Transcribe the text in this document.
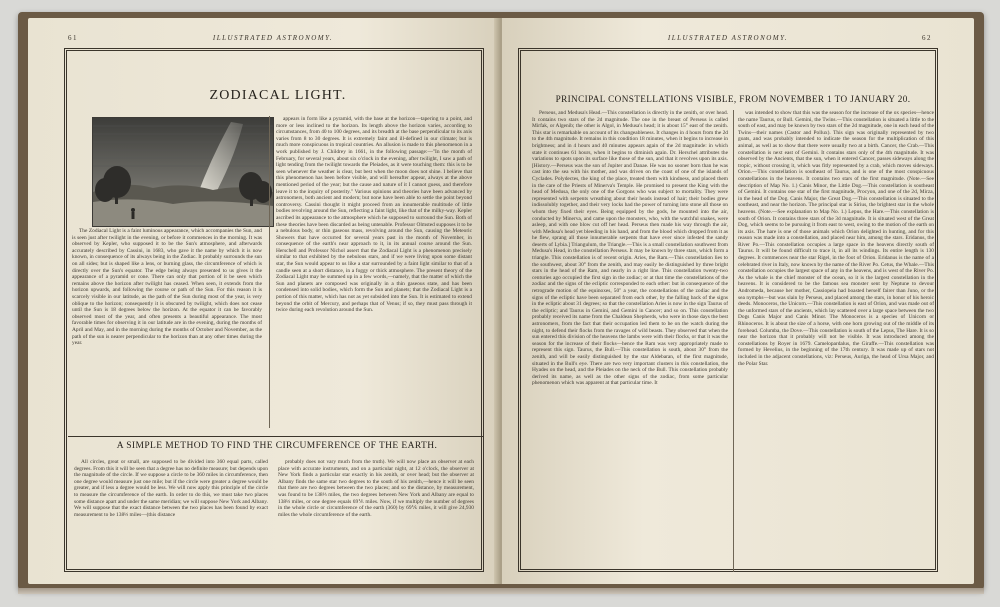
61	ILLUSTRATED ASTRONOMY.
ZODIACAL LIGHT.

The Zodiacal Light is a faint luminous appearance, which accompanies the Sun, and is seen just after twilight in the evening, or before it commences in the morning. It was observed by Kepler, who supposed it to be the Sun's atmosphere, and afterwards accurately described by Cassini, in 1683, who gave it the name by which it is now known, in consequence of its always being in the Zodiac. It probably surrounds the sun on all sides; but is shaped like a lens, or burning glass, the circumference of which is directly over the Sun's equator. The edge being always presented to us gives it the appearance of a pyramid or cone. There can only that portion of it be seen which remains above the horizon after twilight has ceased. When seen, it extends from the horizon upwards, and following the course or path of the Sun. For this reason it is scarcely visible in our latitude, as the path of the Sun during most of the year, is very oblique to the horizon; consequently it is obscured by twilight, which does not cease until the Sun is 18 degrees below the horizon. At the equator it can be favorably observed most of the year, and often presents a beautiful appearance. The most favorable times for observing it in our latitude are in the evening, during the months of April and May, and in the morning during the months of October and November, as the path of the sun is nearer perpendicular to the horizon than at any other times during the year.

appears in form like a pyramid, with the base at the horizon—tapering to a point, and more or less inclined to the horizon. Its length above the horizon varies, according to circumstances, from 40 to 100 degrees, and its breadth at the base perpendicular to its axis varies from 8 to 30 degrees. It is extremely faint and ill-defined in our climate; but is much more conspicuous in tropical countries. An allusion is made to this phenomenon in a work published by J. Childrey in 1661, in the following passage:—"In the month of February, for several years, about six o'clock in the evening, after twilight, I saw a path of light tending from the twilight towards the Pleiades, as it were touching them: this is to be seen whenever the weather is clear, but best when the moon does not shine. I believe that this phenomenon has been before visible, and will hereafter appear, always at the above mentioned period of the year; but the cause and nature of it I cannot guess, and therefore leave it to the inquiry of posterity." Various opinions and theories have been advanced by astronomers, both ancient and modern; but none have been able to settle the point beyond controversy. Cassini thought it might proceed from an innumerable multitude of little bodies revolving around the Sun, reflecting a faint light, like that of the milky-way. Kepler ascribed its appearance to the atmosphere which he supposed to surround the Sun. Both of these theories have been discarded as being untenable. Professor Olmsted supposes it to be a nebulous body, or thin gaseous mass, revolving around the Sun, causing the Meteoric Showers that have occurred for several years past in the month of November, in consequence of the earth's near approach to it, in its annual course around the Sun. Herschell and Professor Nichol assert that the Zodiacal Light is a phenomenon precisely similar to that exhibited by the nebulous stars, and if we were living upon some distant star, the Sun would appear to us like a star surrounded by a faint light similar to that of a candle seen at a short distance, in a foggy or thick atmosphere. The present theory of the Zodiacal Light may be summed up in a few words,—namely, that the matter of which the Sun and planets are composed was originally in a thin gaseous state, and has been condensed into solid bodies, which form the Sun and planets; that the Zodiacal Light is a portion of this matter, which has not as yet subsided into the Sun. It is estimated to extend beyond the orbit of Mercury, and perhaps that of Venus; if so, they must pass through it twice during each revolution around the Sun.

A SIMPLE METHOD TO FIND THE CIRCUMFERENCE OF THE EARTH.

All circles, great or small, are supposed to be divided into 360 equal parts, called degrees. From this it will be seen that a degree has no definite measure; but depends upon the magnitude of the circle. If we suppose a circle to be 360 miles in circumference, then one degree would measure just one mile; but if the circle were greater a degree would be greater, and if less a degree would be less. We will now apply this principle of the circle to measure the circumference of the earth. In order to do this, we must take two places some distance apart and under the same meridian; we will suppose New York and Albany. We will suppose that the exact distance between the two places has been found by exact measurement to be 138⅓ miles—(this distance

probably does not vary much from the truth). We will now place an observer at each place with accurate instruments, and on a particular night, at 12 o'clock, the observer at New York finds a particular star exactly in his zenith, or over head; but the observer at Albany finds the same star two degrees to the south of his zenith,—hence it will be seen that there are two degrees between the two places; and so the distance, by measurement, was found to be 138⅓ miles, the two degrees between New York and Albany are equal to 138⅓ miles, or one degree equals 69⅙ miles. Now, if we multiply the number of degrees in the whole circle or circumference of the earth (360) by 69⅙ miles, it will give 24,930 miles the whole circumference of the earth.

ILLUSTRATED ASTRONOMY.	62
PRINCIPAL CONSTELLATIONS VISIBLE, FROM NOVEMBER 1 TO JANUARY 20.

Perseus, and Medusa's Head.—This constellation is directly in the zenith, or over head. It contains two stars of the 2d magnitude. The one in the breast of Perseus is called Mirfak, or Algenib; the other is Algol, in Medusa's head; it is about 15° east of the zenith. This star is remarkable on account of its changeableness. It changes in 4 hours from the 2d to the 4th magnitude. It remains in this condition 18 minutes, when it begins to increase in brightness; and in 4 hours and 40 minutes appears again of the 2d magnitude: in which state it continues 61 hours, when it begins to diminish again. Dr. Herschel attributes the variations to spots upon its surface like those of the sun, and that it revolves upon its axis. [History.—Perseus was the son of Jupiter and Danae. He was no sooner born than he was cast into the sea with his mother, and was driven on the coast of one of the islands of Cyclades. Polydectes, the king of the place, treated them with kindness, and placed them in the care of the Priests of Minerva's Temple. He promised to present the King with the head of Medusa, the only one of the Gorgons who was subject to mortality. They were represented with serpents wreathing about their heads instead of hair; their bodies grew indissolubly together, and their very locks had the power of turning into stone all those on whom they fixed their eyes. Being equipped by the gods, he mounted into the air, conducted by Minerva, and came upon the monsters, who, with the watchful snakes, were asleep, and with one blow cut off her head. Perseus then made his way through the air, with Medusa's head yet bleeding in his hand, and from the blood which dropped from it as he flew, sprang all those innumerable serpents that have ever since infested the sandy deserts of Lybia.] Triangulum, the Triangle.—This is a small constellation southwest from Medusa's Head, in the constellation Perseus. It may be known by three stars, which form a triangle. This constellation is of recent origin. Aries, the Ram.—This constellation lies to the southwest, about 30° from the zenith, and may easily be distinguished by three bright stars in the head of the Ram, and nearly in a right line. This constellation twenty-two centuries ago occupied the first sign in the zodiac; or at that time the constellations of the zodiac and the signs of the ecliptic corresponded to each other: but in consequence of the retrograde motion of the equinoxes, 50" a year, the constellations of the zodiac and the signs of the ecliptic have been separated from each other, by the falling back of the signs in the ecliptic about 31 degrees; so that the constellation Aries is now in the sign Taurus of the ecliptic; and Taurus in Gemini, and Gemini in Cancer; and so on. This constellation probably received its name from the Chaldean Shepherds, who were in those days the best astronomers, from the fact that their occupation led them to be on the watch during the night, to defend their flocks from the ravages of wild beasts. They observed that when the sun entered this division of the heavens the lambs were with their flocks, or that it was the season for the increase of their flocks—hence the Ram was very appropriately made to represent this sign. Taurus, the Bull.—This constellation is south, about 30° from the zenith, and will be easily distinguished by the star Aldebaran, of the first magnitude, situated in the Bull's eye. There are two very important clusters in this constellation, the Hyades on the head, and the Pleiades on the neck of the Bull. This constellation probably derived its name, as well as the other signs of the zodiac, from some particular phenomenon which was apparent at that particular time. It

was intended to show that this was the season for the increase of the ox species—hence the name Taurus, or Bull. Gemini, the Twins.—This constellation is situated a little to the south of east, and may be known by two stars of the 2d magnitude, one in each head of the Twins—their names (Castor and Pollux). This sign was originally represented by two goats, and was probably intended to indicate the season for the multiplication of this animal, as well as to show that there were usually two at a birth. Cancer, the Crab.—This constellation is next east of Gemini. It contains stars only of the 4th magnitude. It was observed by the Ancients, that the sun, when it entered Cancer, passes sideways along the tropic, without crossing it, which was fitly represented by a crab, which moves sideways. Orion.—This constellation is southeast of Taurus, and is one of the most conspicuous constellations in the heavens. It contains two stars of the first magnitude. (Note.—See description of Map No. 1.) Canis Minor, the Little Dog.—This constellation is southeast of Gemini. It contains one star of the first magnitude, Procyon, and one of the 2d, Mirza, in the head of the Dog. Canis Major, the Great Dog.—This constellation is situated to the southeast, and near the horizon. The principal star is Sirius, the brightest star in the whole heavens. (Note.—See explanation to Map No. 1.) Lepus, the Hare.—This constellation is south of Orion. It contains three stars of the 3d magnitude. It is situated west of the Great Dog, which seems to be pursuing it from east to west, owing to the motion of the earth on its axis. The hare is one of those animals which Orion delighted in hunting, and for this reason was made into a constellation, and placed near him, among the stars. Eridanus, the River Po.—This constellation occupies a large space in the heavens directly south of Taurus. It will be found difficult to trace it, in all its windings. Its entire length is 130 degrees. It commences near the star Rigel, in the foot of Orion. Eridanus is the name of a celebrated river in Italy, now known by the name of the River Po. Cetus, the Whale.—This constellation occupies the largest space of any in the heavens, and is west of the River Po. As the whale is the chief monster of the ocean, so it is the largest constellation in the heavens. It is considered to be the famous sea monster sent by Neptune to devour Andromeda, because her mother, Cassiopeia had boasted herself fairer than Juno, or the sea nymphs—but was slain by Perseus, and placed among the stars, in honor of his heroic deeds. Monoceros, the Unicorn.—This constellation is east of Orion, and was made out of the unformed stars of the ancients, which lay scattered over a large space between the two Dogs Canis Major and Canis Minor. The Monoceros is a species of Unicorn or Rhinoceros. It is about the size of a horse, with one horn growing out of the middle of its forehead. Columba, the Dove.—This constellation is south of the Lepus, The Hare. It is so near the horizon that it probably will not be visible. It was introduced among the constellations by Royer in 1679. Camelopardalus, the Giraffe.—This constellation was formed by Hevelius, in the beginning of the 17th century. It was made up of stars not included in the adjacent constellations, viz: Perseus, Auriga, the head of Ursa Major, and the Polar Star.
